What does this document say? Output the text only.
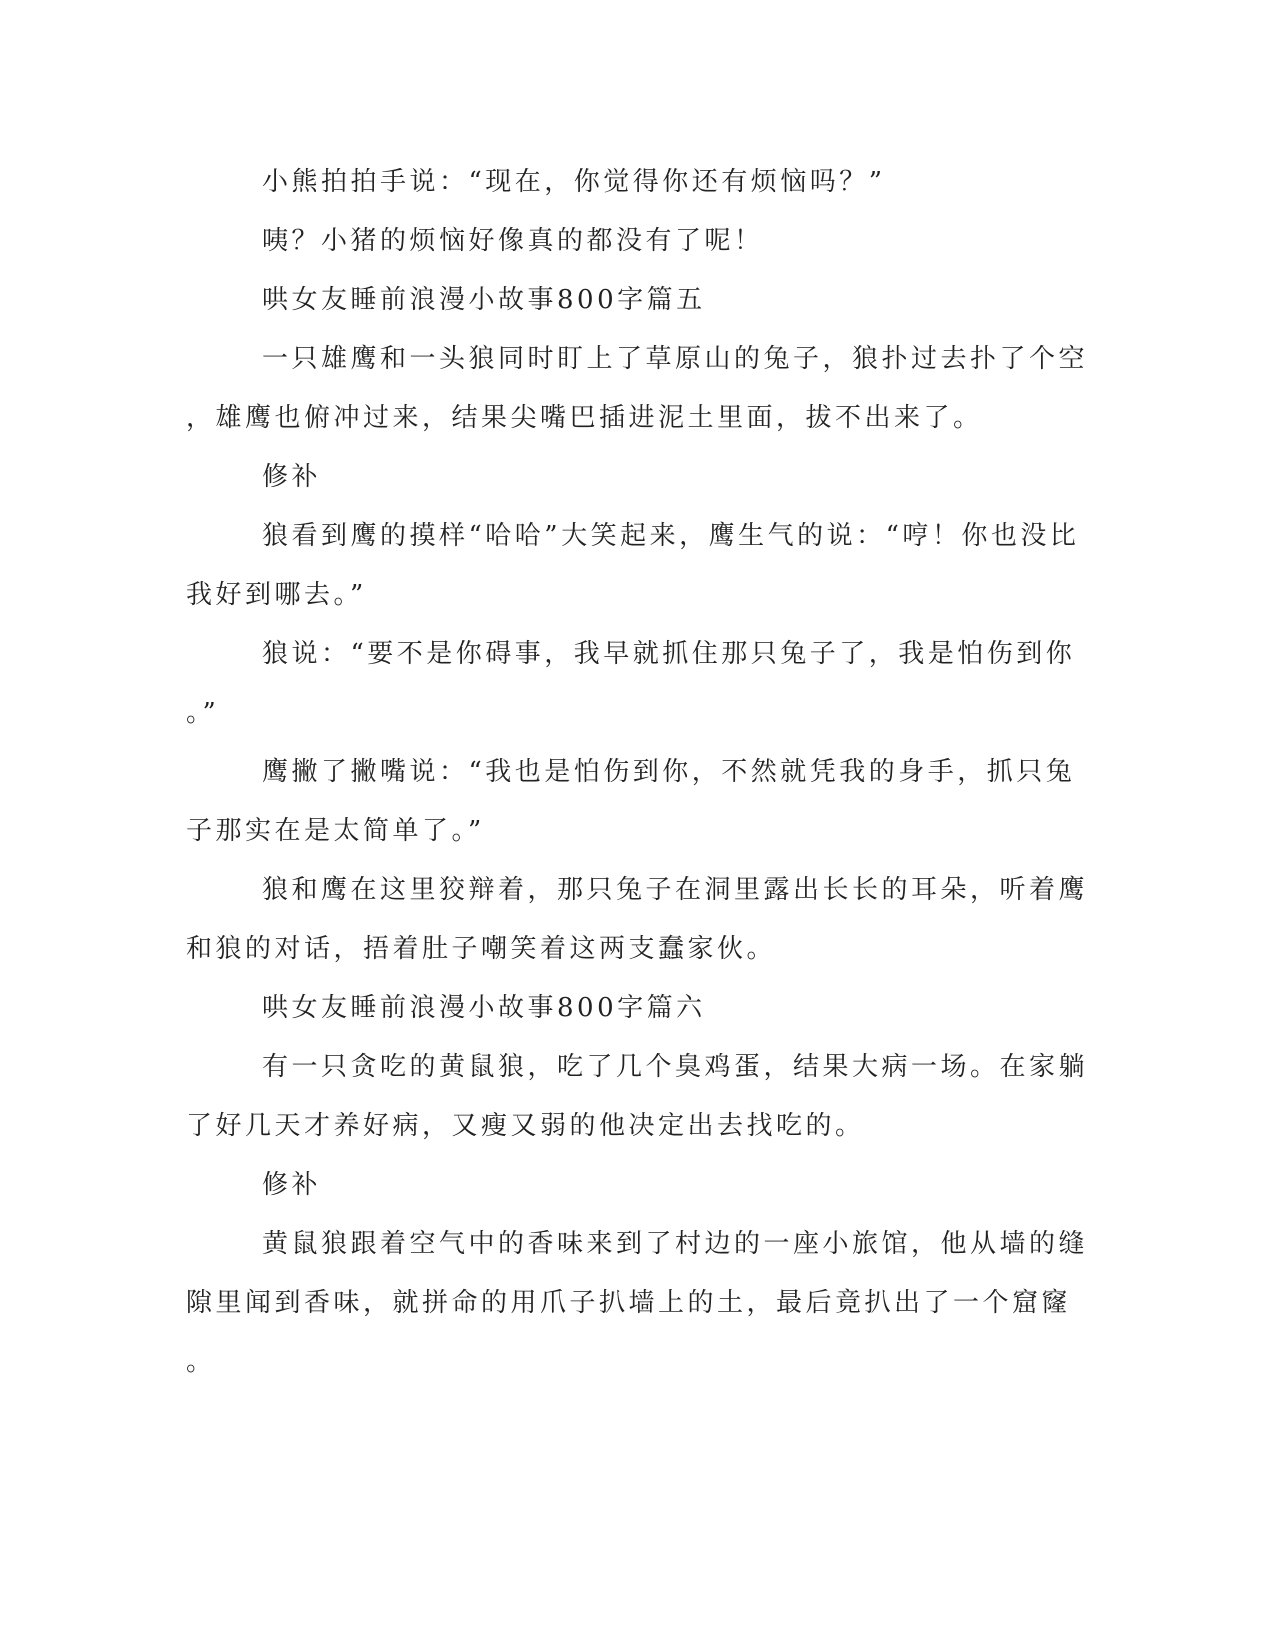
小熊拍拍手说：“现在，你觉得你还有烦恼吗？”
咦？小猪的烦恼好像真的都没有了呢！
哄女友睡前浪漫小故事800字篇五
一只雄鹰和一头狼同时盯上了草原山的兔子，狼扑过去扑了个空
，雄鹰也俯冲过来，结果尖嘴巴插进泥土里面，拔不出来了。
修补
狼看到鹰的摸样“哈哈”大笑起来，鹰生气的说：“哼！你也没比
我好到哪去。”
狼说：“要不是你碍事，我早就抓住那只兔子了，我是怕伤到你
。”
鹰撇了撇嘴说：“我也是怕伤到你，不然就凭我的身手，抓只兔
子那实在是太简单了。”
狼和鹰在这里狡辩着，那只兔子在洞里露出长长的耳朵，听着鹰
和狼的对话，捂着肚子嘲笑着这两支蠢家伙。
哄女友睡前浪漫小故事800字篇六
有一只贪吃的黄鼠狼，吃了几个臭鸡蛋，结果大病一场。在家躺
了好几天才养好病，又瘦又弱的他决定出去找吃的。
修补
黄鼠狼跟着空气中的香味来到了村边的一座小旅馆，他从墙的缝
隙里闻到香味，就拼命的用爪子扒墙上的土，最后竟扒出了一个窟窿
。
